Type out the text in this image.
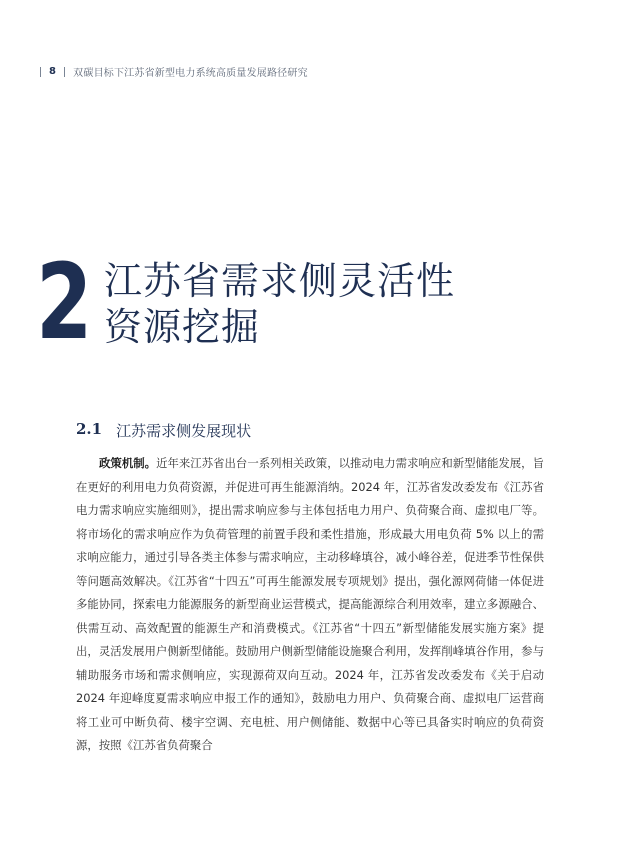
8 双碳目标下江苏省新型电力系统高质量发展路径研究
2 江苏省需求侧灵活性
资源挖掘
2.1 江苏需求侧发展现状

政策机制。近年来江苏省出台一系列相关政策，以推动电力需求响应和新型储能发展，旨在更好的利用电力负荷资源，并促进可再生能源消纳。2024 年，江苏省发改委发布《江苏省电力需求响应实施细则》，提出需求响应参与主体包括电力用户、负荷聚合商、虚拟电厂等。将市场化的需求响应作为负荷管理的前置手段和柔性措施，形成最大用电负荷 5% 以上的需求响应能力，通过引导各类主体参与需求响应，主动移峰填谷，减小峰谷差，促进季节性保供等问题高效解决。《江苏省“十四五”可再生能源发展专项规划》提出，强化源网荷储一体促进多能协同，探索电力能源服务的新型商业运营模式，提高能源综合利用效率，建立多源融合、供需互动、高效配置的能源生产和消费模式。《江苏省“十四五”新型储能发展实施方案》提出，灵活发展用户侧新型储能。鼓励用户侧新型储能设施聚合利用，发挥削峰填谷作用，参与辅助服务市场和需求侧响应，实现源荷双向互动。2024 年，江苏省发改委发布《关于启动 2024 年迎峰度夏需求响应申报工作的通知》，鼓励电力用户、负荷聚合商、虚拟电厂运营商将工业可中断负荷、楼宇空调、充电桩、用户侧储能、数据中心等已具备实时响应的负荷资源，按照《江苏省负荷聚合
